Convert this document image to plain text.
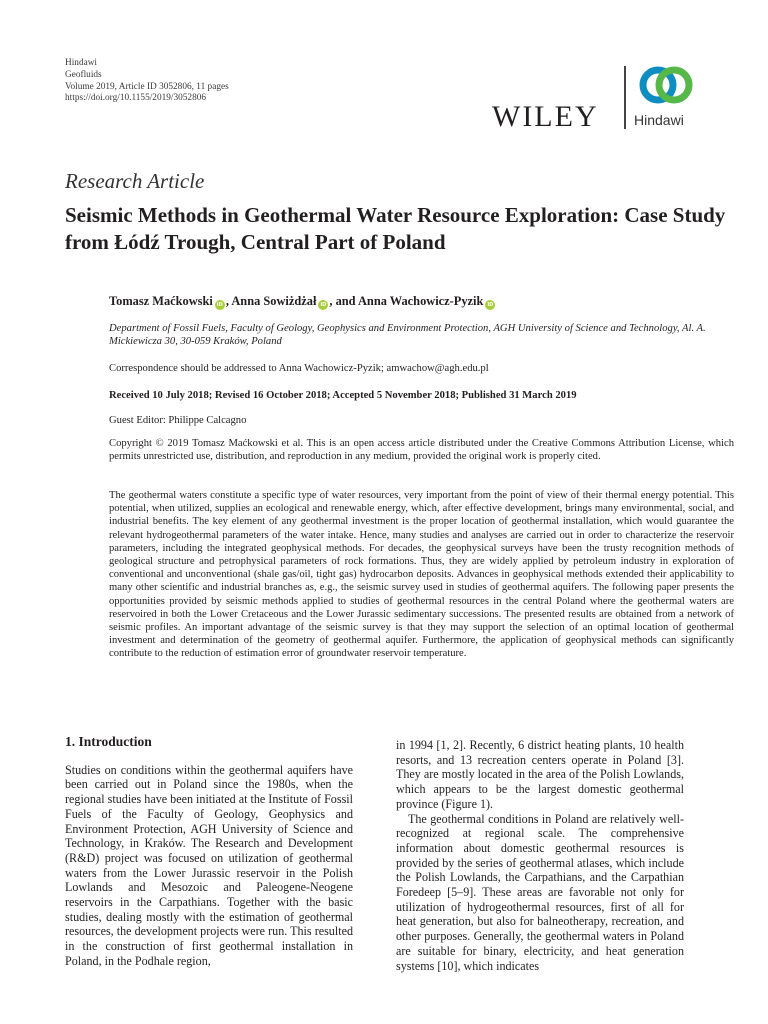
Hindawi
Geofluids
Volume 2019, Article ID 3052806, 11 pages
https://doi.org/10.1155/2019/3052806
WILEY	Hindawi
Research Article
Seismic Methods in Geothermal Water Resource Exploration: Case Study from Łódź Trough, Central Part of Poland
Tomasz Maćkowski iD , Anna Sowiżdżał iD , and Anna Wachowicz-Pyzik iD
Department of Fossil Fuels, Faculty of Geology, Geophysics and Environment Protection, AGH University of Science and Technology, Al. A. Mickiewicza 30, 30-059 Kraków, Poland
Correspondence should be addressed to Anna Wachowicz-Pyzik; amwachow@agh.edu.pl
Received 10 July 2018; Revised 16 October 2018; Accepted 5 November 2018; Published 31 March 2019
Guest Editor: Philippe Calcagno
Copyright © 2019 Tomasz Maćkowski et al. This is an open access article distributed under the Creative Commons Attribution License, which permits unrestricted use, distribution, and reproduction in any medium, provided the original work is properly cited.
The geothermal waters constitute a specific type of water resources, very important from the point of view of their thermal energy potential. This potential, when utilized, supplies an ecological and renewable energy, which, after effective development, brings many environmental, social, and industrial benefits. The key element of any geothermal investment is the proper location of geothermal installation, which would guarantee the relevant hydrogeothermal parameters of the water intake. Hence, many studies and analyses are carried out in order to characterize the reservoir parameters, including the integrated geophysical methods. For decades, the geophysical surveys have been the trusty recognition methods of geological structure and petrophysical parameters of rock formations. Thus, they are widely applied by petroleum industry in exploration of conventional and unconventional (shale gas/oil, tight gas) hydrocarbon deposits. Advances in geophysical methods extended their applicability to many other scientific and industrial branches as, e.g., the seismic survey used in studies of geothermal aquifers. The following paper presents the opportunities provided by seismic methods applied to studies of geothermal resources in the central Poland where the geothermal waters are reservoired in both the Lower Cretaceous and the Lower Jurassic sedimentary successions. The presented results are obtained from a network of seismic profiles. An important advantage of the seismic survey is that they may support the selection of an optimal location of geothermal investment and determination of the geometry of geothermal aquifer. Furthermore, the application of geophysical methods can significantly contribute to the reduction of estimation error of groundwater reservoir temperature.
1. Introduction

Studies on conditions within the geothermal aquifers have been carried out in Poland since the 1980s, when the regional studies have been initiated at the Institute of Fossil Fuels of the Faculty of Geology, Geophysics and Environment Protection, AGH University of Science and Technology, in Kraków. The Research and Development (R&D) project was focused on utilization of geothermal waters from the Lower Jurassic reservoir in the Polish Lowlands and Mesozoic and Paleogene-Neogene reservoirs in the Carpathians. Together with the basic studies, dealing mostly with the estimation of geothermal resources, the development projects were run. This resulted in the construction of first geothermal installation in Poland, in the Podhale region,

in 1994 [1, 2]. Recently, 6 district heating plants, 10 health resorts, and 13 recreation centers operate in Poland [3]. They are mostly located in the area of the Polish Lowlands, which appears to be the largest domestic geothermal province (Figure 1).

The geothermal conditions in Poland are relatively well-recognized at regional scale. The comprehensive information about domestic geothermal resources is provided by the series of geothermal atlases, which include the Polish Lowlands, the Carpathians, and the Carpathian Foredeep [5–9]. These areas are favorable not only for utilization of hydrogeothermal resources, first of all for heat generation, but also for balneotherapy, recreation, and other purposes. Generally, the geothermal waters in Poland are suitable for binary, electricity, and heat generation systems [10], which indicates
